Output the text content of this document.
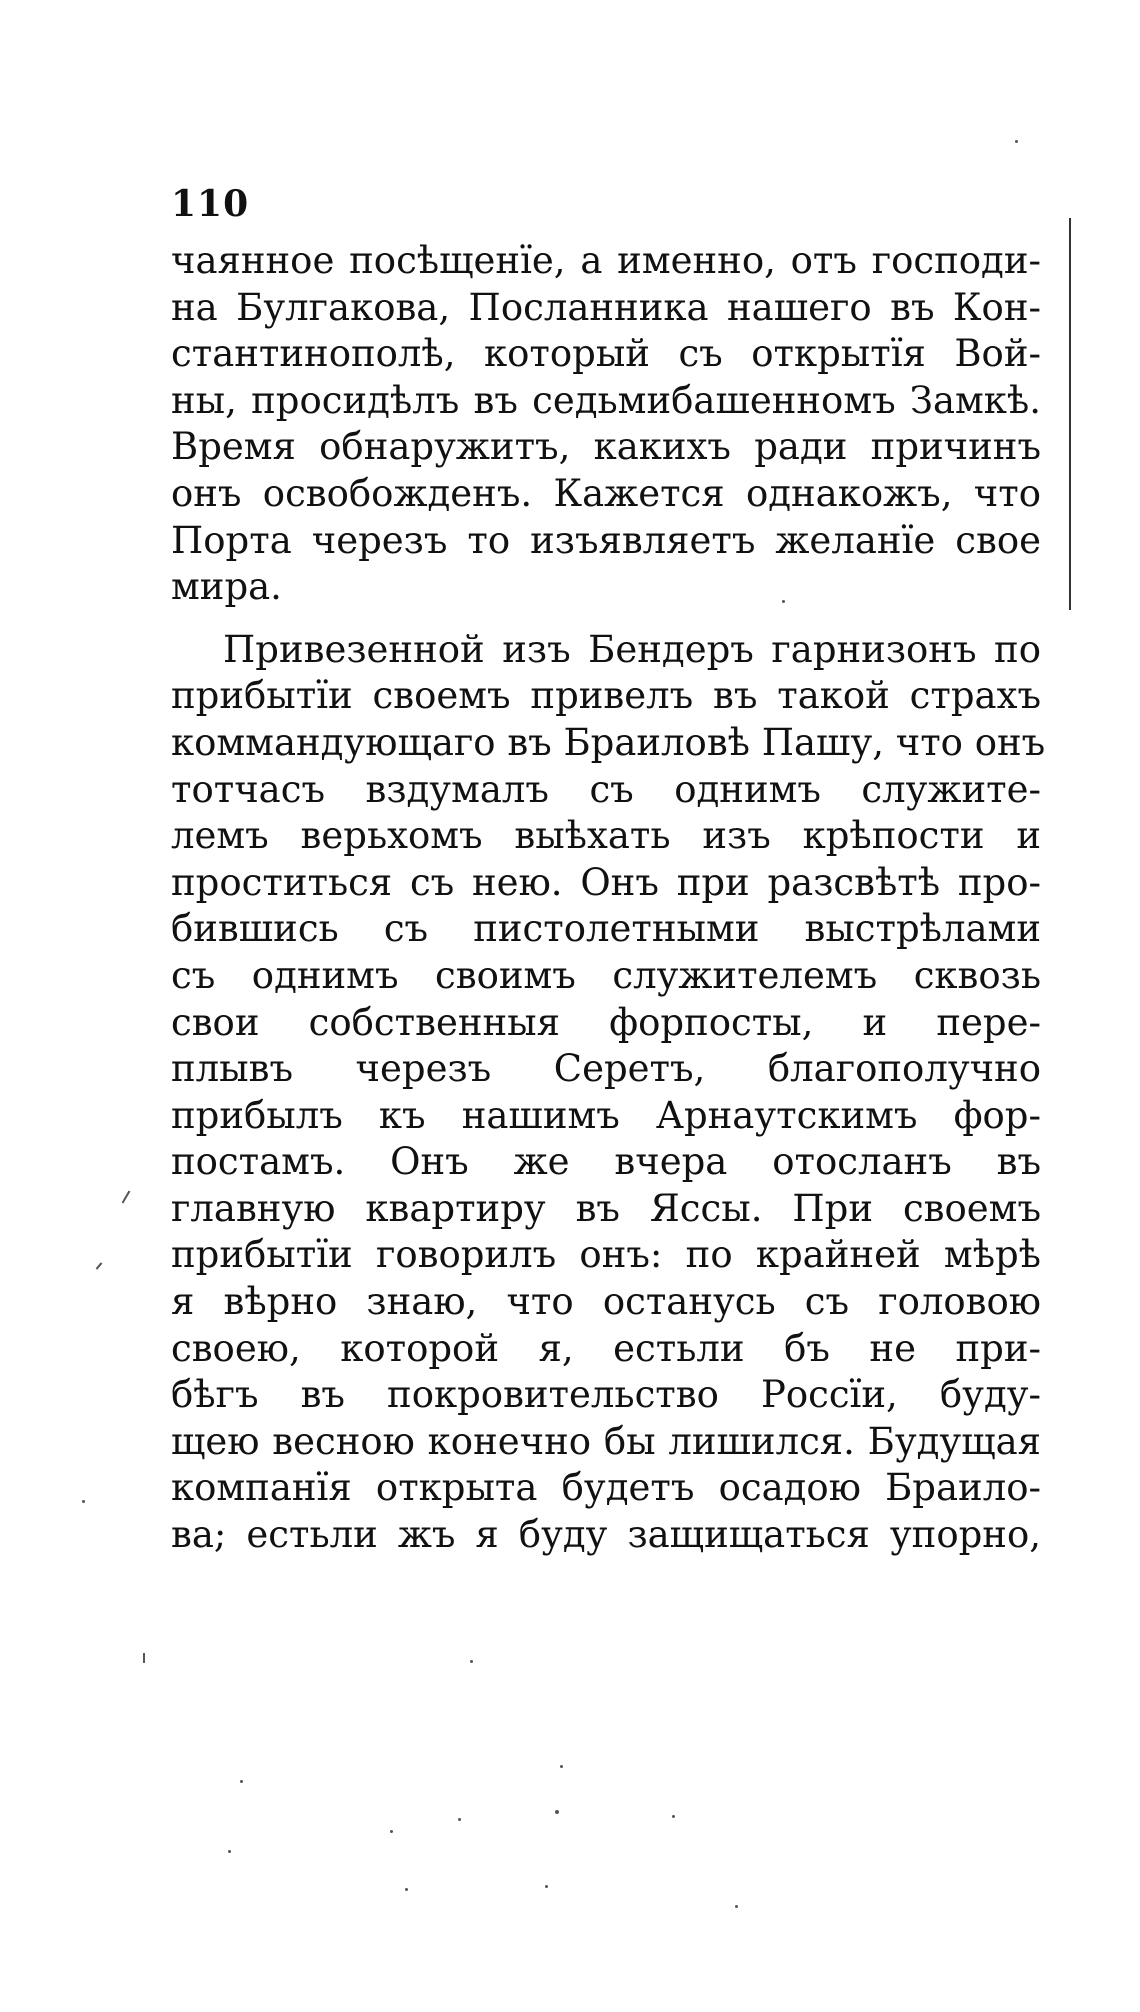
110
чаянное посѣщенїе, а именно, отъ господи-
на Булгакова, Посланника нашего въ Кон-
стантинополѣ, который съ открытїя Вой-
ны, просидѣлъ въ седьмибашенномъ Замкѣ.
Время обнаружитъ, какихъ ради причинъ
онъ освобожденъ. Кажется однакожъ, что
Порта черезъ то изъявляетъ желанїе свое
мира.
Привезенной изъ Бендеръ гарнизонъ по
прибытїи своемъ привелъ въ такой страхъ
коммандующаго въ Браиловѣ Пашу, что онъ
тотчасъ вздумалъ съ однимъ служите-
лемъ верьхомъ выѣхать изъ крѣпости и
проститься съ нею. Онъ при разсвѣтѣ про-
бившись съ пистолетными выстрѣлами
съ однимъ своимъ служителемъ сквозь
свои собственныя форпосты, и пере-
плывъ черезъ Серетъ, благополучно
прибылъ къ нашимъ Арнаутскимъ фор-
постамъ. Онъ же вчера отосланъ въ
главную квартиру въ Яссы. При своемъ
прибытїи говорилъ онъ: по крайней мѣрѣ
я вѣрно знаю, что останусь съ головою
своею, которой я, естьли бъ не при-
бѣгъ въ покровительство Россїи, буду-
щею весною конечно бы лишился. Будущая
компанїя открыта будетъ осадою Браило-
ва; естьли жъ я буду защищаться упорно,
